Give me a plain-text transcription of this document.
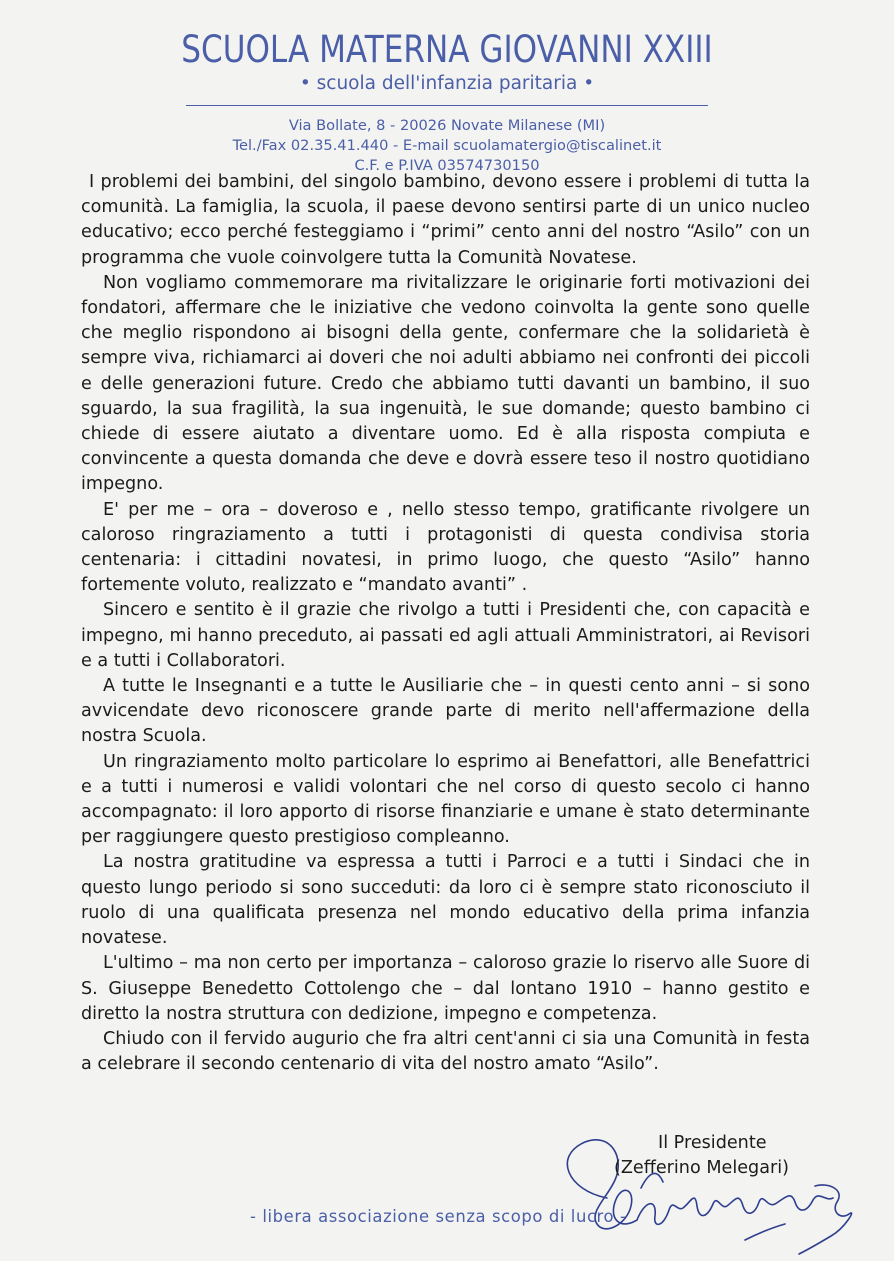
SCUOLA MATERNA GIOVANNI XXIII
• scuola dell'infanzia paritaria •
Via Bollate, 8 - 20026 Novate Milanese (MI)
Tel./Fax 02.35.41.440 - E-mail scuolamatergio@tiscalinet.it
C.F. e P.IVA 03574730150

I problemi dei bambini, del singolo bambino, devono essere i problemi di tutta la comunità. La famiglia, la scuola, il paese devono sentirsi parte di un unico nucleo educativo; ecco perché festeggiamo i “primi” cento anni del nostro “Asilo” con un programma che vuole coinvolgere tutta la Comunità Novatese.

Non vogliamo commemorare ma rivitalizzare le originarie forti motivazioni dei fondatori, affermare che le iniziative che vedono coinvolta la gente sono quelle che meglio rispondono ai bisogni della gente, confermare che la solidarietà è sempre viva, richiamarci ai doveri che noi adulti abbiamo nei confronti dei piccoli e delle generazioni future. Credo che abbiamo tutti davanti un bambino, il suo sguardo, la sua fragilità, la sua ingenuità, le sue domande; questo bambino ci chiede di essere aiutato a diventare uomo. Ed è alla risposta compiuta e convincente a questa domanda che deve e dovrà essere teso il nostro quotidiano impegno.

E' per me – ora – doveroso e , nello stesso tempo, gratificante rivolgere un caloroso ringraziamento a tutti i protagonisti di questa condivisa storia centenaria: i cittadini novatesi, in primo luogo, che questo “Asilo” hanno fortemente voluto, realizzato e “mandato avanti” .

Sincero e sentito è il grazie che rivolgo a tutti i Presidenti che, con capacità e impegno, mi hanno preceduto, ai passati ed agli attuali Amministratori, ai Revisori e a tutti i Collaboratori.

A tutte le Insegnanti e a tutte le Ausiliarie che – in questi cento anni – si sono avvicendate devo riconoscere grande parte di merito nell'affermazione della nostra Scuola.

Un ringraziamento molto particolare lo esprimo ai Benefattori, alle Benefattrici e a tutti i numerosi e validi volontari che nel corso di questo secolo ci hanno accompagnato: il loro apporto di risorse finanziarie e umane è stato determinante per raggiungere questo prestigioso compleanno.

La nostra gratitudine va espressa a tutti i Parroci e a tutti i Sindaci che in questo lungo periodo si sono succeduti: da loro ci è sempre stato riconosciuto il ruolo di una qualificata presenza nel mondo educativo della prima infanzia novatese.

L'ultimo – ma non certo per importanza – caloroso grazie lo riservo alle Suore di S. Giuseppe Benedetto Cottolengo che – dal lontano 1910 – hanno gestito e diretto la nostra struttura con dedizione, impegno e competenza.

Chiudo con il fervido augurio che fra altri cent'anni ci sia una Comunità in festa a celebrare il secondo centenario di vita del nostro amato “Asilo”.

Il Presidente
(Zefferino Melegari)
- libera associazione senza scopo di lucro -
